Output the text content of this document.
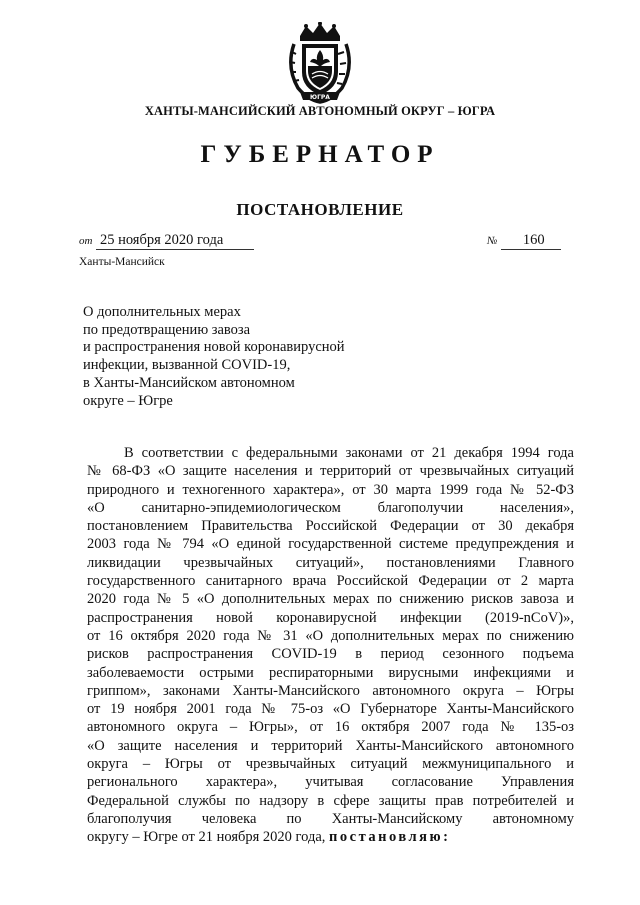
ЮГРА
ХАНТЫ-МАНСИЙСКИЙ АВТОНОМНЫЙ ОКРУГ – ЮГРА
ГУБЕРНАТОР
ПОСТАНОВЛЕНИЕ
от 25 ноября 2020 года	№ 160
Ханты-Мансийск
О дополнительных мерах
по предотвращению завоза
и распространения новой коронавирусной
инфекции, вызванной COVID-19,
в Ханты-Мансийском автономном
округе – Югре
В соответствии с федеральными законами от 21 декабря 1994 года
№ 68-ФЗ «О защите населения и территорий от чрезвычайных ситуаций
природного и техногенного характера», от 30 марта 1999 года № 52-ФЗ
«О санитарно-эпидемиологическом благополучии населения»,
постановлением Правительства Российской Федерации от 30 декабря
2003 года № 794 «О единой государственной системе предупреждения и
ликвидации чрезвычайных ситуаций», постановлениями Главного
государственного санитарного врача Российской Федерации от 2 марта
2020 года № 5 «О дополнительных мерах по снижению рисков завоза и
распространения новой коронавирусной инфекции (2019-nCoV)»,
от 16 октября 2020 года № 31 «О дополнительных мерах по снижению
рисков распространения COVID-19 в период сезонного подъема
заболеваемости острыми респираторными вирусными инфекциями и
гриппом», законами Ханты-Мансийского автономного округа – Югры
от 19 ноября 2001 года № 75-оз «О Губернаторе Ханты-Мансийского
автономного округа – Югры», от 16 октября 2007 года № 135-оз
«О защите населения и территорий Ханты-Мансийского автономного
округа – Югры от чрезвычайных ситуаций межмуниципального и
регионального характера», учитывая согласование Управления
Федеральной службы по надзору в сфере защиты прав потребителей и
благополучия человека по Ханты-Мансийскому автономному
округу – Югре от 21 ноября 2020 года, постановляю:
